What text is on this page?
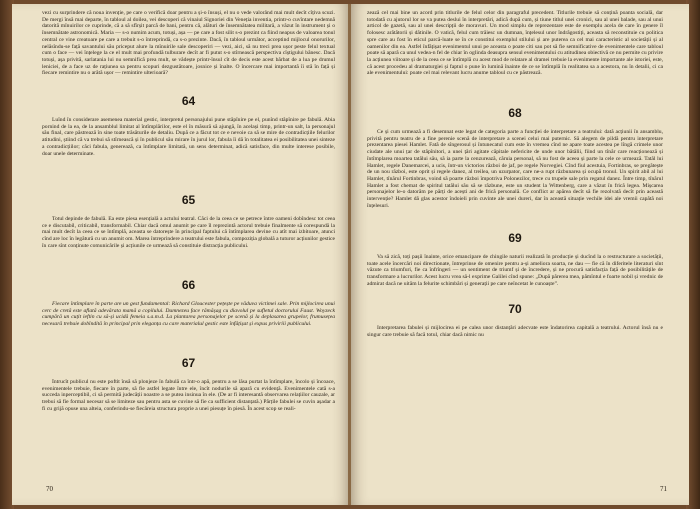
vezi cu surprindere că noua invenție, pe care o verifică doar pentru a și-o însuși, el nu o vede valorând mai mult decît cîțiva scuzi. De mergi însă mai departe, în tabloul al doilea, vei descoperi că vinaiul Signoriei din Veneția inventia, printr-o cuvîntare nedemnă datorită mînuirilor ce cuprinde, că a să sfîrșit parcă de bani, pentru că, alături de însemnătatea militară, a văzut în instrument și o însemnătate astronomică. Maria — s-o numim acum, totuși, așa — pe care a fost silit s-o prezint ca fiind neapus de valoarea tonul central ce vine creatoare pe care a trebuit s-o întreprindă, ca s-o prezinte. Dacă, în tabloul următor, acceptind mijlocul onorurilor, nelăsîndu-se față savantului său priceput alure la mînuirile sale descoperiri — vezi, aici, să nu treci prea ușor peste felul textual cum o face — vei înțelege la ce el mult mai profundă tulburare decît ar fi putut s-o stîrnească perspectiva cîștigului bănesc. Dacă totuși, așa privită, sarlatania lui nu semnifică prea mult, se vădește printr-însul cît de decis este acest bărbat de a lua pe drumul leniciei, de a face uz de rațiunea sa pentru scopuri dezgustătoare, josnice și înalte. O încercare mai importantă îi stă în față și fiecare remintire nu o arătă ușor — remintire ulterioară?

64

Luînd în considerare asemenea material gestic, interpretul personajului pune stăpînire pe el, punînd stăpînire pe fabulă. Abia pornind de la ea, de la ansamblul limitat al întîmplărilor, este el în măsură să ajungă, în același timp, printr-un salt, la personajul său final, care păstrează în sine toate trăsăturile de detaliu. După ce a făcut tot ce e nevoie ca să se mire de contradicțiile felurilor atitudini, știind că va trebui să stîrnească și în publicul său mirare în jurul lor, fabula îi dă în totalitatea ei posibilitatea unei sinteze a contradicțiilor; căci fabula, generează, ca întîmplare limitată, un sens determinat, adică satisface, din multe interese posibile, doar unele determinate.

65

Totul depinde de fabulă. Ea este piesa esențială a actului teatral. Căci de la ceea ce se petrece între oameni dobîndesc tot ceea ce e discutabil, criticabil, transformabil. Chiar dacă omul anumit pe care îl reprezintă actorul trebuie finalmente să corespundă la mai mult decît la ceea ce se întîmplă, aceasta se datorește în principal faptului că întîmplarea devine cu atît mai izbitoare, atunci cînd are loc în legătură cu un anumit om. Marea întreprindere a teatrului este fabula, compoziția globală a tuturor acțiunilor gestice în care sînt conținute comunicările și acțiunile ce urmează să constituie distracția publicului.

66

Fiecare întîmplare în parte are un gest fundamental: Richard Gloucester pețește pe văduva victimei sale. Prin mijlocirea unui cerc de cretă este aflată adevărata mamă a copilului. Dumnezeu face rămășag cu diavolul pe sufletul doctorului Faust. Woyzeck cumpără un cuțit ieftin cu să-și ucidă femeia s.a.m.d. La plantarea personajelor pe scenă și la deplasarea grupelor, frumusețea necesară trebuie dobîndită în principal prin eleganța cu care materialul gestic este înfățișat și expus priviriii publicului.

67

Întrucît publicul nu este poftit însă să plonjeze în fabulă ca într-o apă, pentru a se lăsa purtat la întîmplare, încolo și încoace, evenimentele trebuie, fiecare în parte, să fie astfel legate între ele, încît nodurile să apară cu evidență. Evenimentele cată s-a succeda inperceptibil, ci să permită judecății noastre a se putea insinua în ele. (De ar fi interesantă observarea relațiilor cauzale, ar trebui să fie formal necesar să se limiteze sau pentru asta se cuvine să fie ca sufficient distanțată.) Părțile fabulei se cuvin așadar a fi cu grijă opuse una alteia, conferindu-se fiecăreia structura proprie a unei piesuțe în piesă. În acest scop se reali-

70

zează cel mai bine un acord prin titlurile de felul celor din paragraful precedent. Titlurile trebuie să conțină poanta socială, dar totodată cu ajutorul lor se va putea deslui în interpretări, adică după cum, și tiune titlul unei cronici, sau al unei balade, sau al unui articol de gazetă, sau al unei descripții de moravuri. Un mod simplu de reprezentare este de exemplu acela de care în genere îl folosesc arătătorii și dătinile. O vatică, felul cum trăiesc un dumnan, înțelesul unor îndrăgostiți, aceasta să reconstituie cu politica spre care au fost în eticul parcă-luate se în ce constitui exemplul stilului și are puterea ca cel mai caracteristic al societății și al oamenilor din ea. Astfel înfățișat evenimentul unui pe aceasta o poate citi sau pot să fie semnificative de evenimentele care tabloul poate să apară ca unul vedea-n fel de chiar în oglinda deasupra sensul evenimentului cu atitudinea obiectivă ce nu permite cu privire la acțiunea viitoare și de la ceea ce se întîmplă cu acest mod de relatare al dramei trebuie la evenimente importante ale istoriei, este, că acest procedeu al dramaturgiei și faptul o pune în lumină înainte de ce se întîmplă în realitatea sa a acestora, nu în detalii, ci ca ale evenimentului: poate cel mai relevant lucru anume tabloul cu ce păstrează.

68

Ce și cum urmează a fi desemnat este legat de categoria parte a funcției de interpretare a teatrului: dată acțiunii în ansamblu, privită pentru teatru de a fine perenie scenă de interpretare a scenei celui mai puternic. Să alegem de pildă pentru interpretare prezentarea piesei Hamlet. Fată de sîngerosul și întunecatul cum este în vremea cînd ne apare toate acestea pe lîngă crimele unor ciudate ale unui țar de stăpînitori, a unei țări agitate căpitale nefericite de unde unor bătălii, fiind un tînăr care reacționează și întîmplarea moartea tatălui său, să ia parte la cenzurează, căruia personal, să nu fost de aceea și parte la cele ce urmează. Tatăl lui Hamlet, regele Danemarcei, a ucis, într-un victorios război de jaf, pe regele Norvegiei. Cînd fiul acestuia, Fortinbras, se pregătește de un nou război, este oprit și regele danez, al treilea, un uzurpator, care ne-a rupt răzbunarea și ocupă tronul. Un spirit abil al lui Hamlet, tînărul Fortinbras, voind să poarte război împotriva Polonezilor, trece cu trupele sale prin regatul danez. Între timp, tînărul Hamlet a fost chemat de spiritul tatălui său să se răzbune, este un student la Wittenberg, care a văzut în frică legea. Mișcarea personajelor le-o datorăm pe părți de acești ani de frică personală. Ce conflict ar apărea decît să fie rezolvată decît prin această intervenție? Hamlet dă glas acestor îndoieli prin cuvinte ale unei dureri, dar în această situație vechile idei ale vremii capătă noi înțelesuri.

69

Va să zică, toți pașii înainte, orice emancipare de chingile naturii realizată în producție și ducînd la o restructurare a societății, toate acele încercări noi directionate, întreprinse de omenire pentru a-și ameliora soarta, ne dau — fie că în diferitele literaturi sînt văzute ca triumfuri, fie ca înfrîngeri — un sentiment de triumf și de încredere, și ne procură satisfacția față de posibilitățile de transformare a lucrurilor. Acest lucru vrea să-l exprime Galilei cînd spune: „După părerea mea, pămîntul e foarte nobil și vrednic de admirat dacă ne uităm la felurite schimbări și generații pe care neîncetat le cunoaște”.

70

Interpretarea fabulei și mijlocirea ei pe calea unor distanțări adecvate este îndatorirea capitală a teatrului. Actorul însă nu e singur care trebuie să facă totul, chiar dacă nimic nu

71
